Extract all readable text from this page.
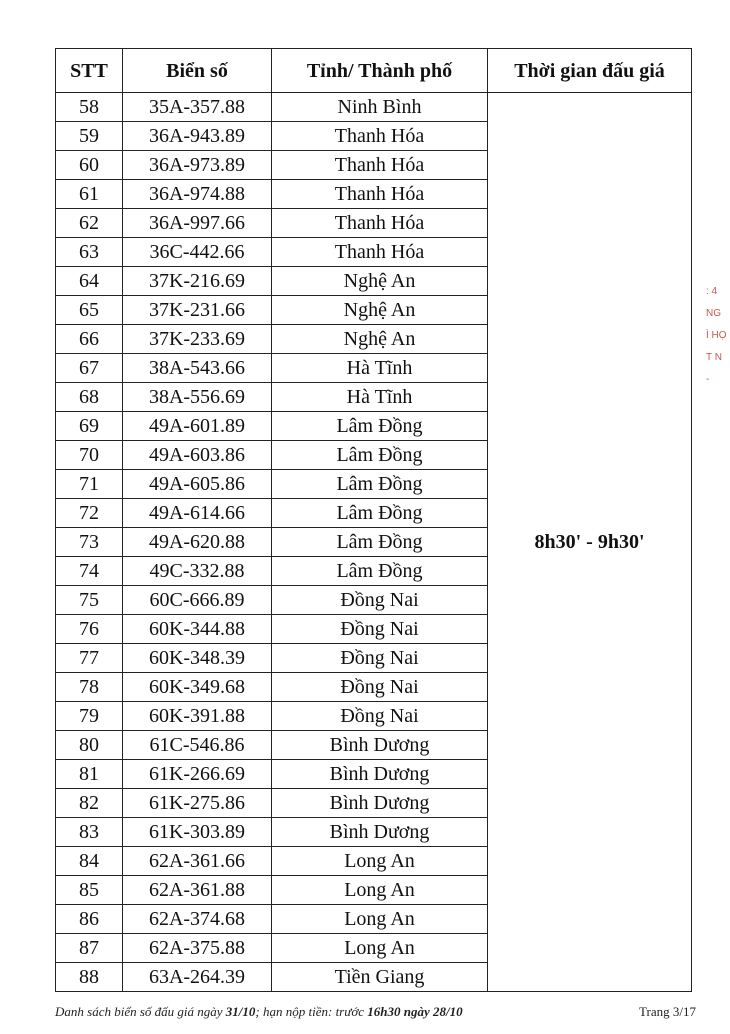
STT	Biển số	Tỉnh/ Thành phố	Thời gian đấu giá
58	35A-357.88	Ninh Bình	8h30' - 9h30'
59	36A-943.89	Thanh Hóa	
60	36A-973.89	Thanh Hóa	
61	36A-974.88	Thanh Hóa	
62	36A-997.66	Thanh Hóa	
63	36C-442.66	Thanh Hóa	
64	37K-216.69	Nghệ An	
65	37K-231.66	Nghệ An	
66	37K-233.69	Nghệ An	
67	38A-543.66	Hà Tĩnh	
68	38A-556.69	Hà Tĩnh	
69	49A-601.89	Lâm Đồng	
70	49A-603.86	Lâm Đồng	
71	49A-605.86	Lâm Đồng	
72	49A-614.66	Lâm Đồng	
73	49A-620.88	Lâm Đồng	
74	49C-332.88	Lâm Đồng	
75	60C-666.89	Đồng Nai	
76	60K-344.88	Đồng Nai	
77	60K-348.39	Đồng Nai	
78	60K-349.68	Đồng Nai	
79	60K-391.88	Đồng Nai	
80	61C-546.86	Bình Dương	
81	61K-266.69	Bình Dương	
82	61K-275.86	Bình Dương	
83	61K-303.89	Bình Dương	
84	62A-361.66	Long An	
85	62A-361.88	Long An	
86	62A-374.68	Long An	
87	62A-375.88	Long An	
88	63A-264.39	Tiền Giang	
Danh sách biển số đấu giá ngày 31/10; hạn nộp tiền: trước 16h30 ngày 28/10	Trang 3/17
: 4
NG
Ì HỌ
T N
-
